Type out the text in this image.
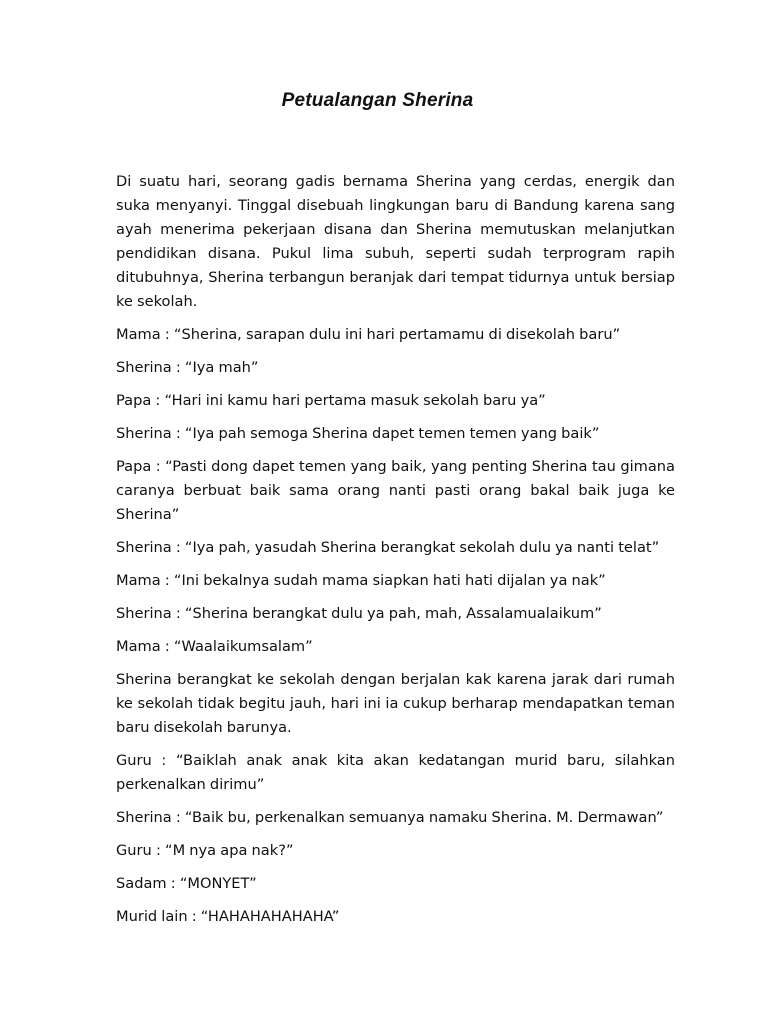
Petualangan Sherina

Di suatu hari, seorang gadis bernama Sherina yang cerdas, energik dan suka menyanyi. Tinggal disebuah lingkungan baru di Bandung karena sang ayah menerima pekerjaan disana dan Sherina memutuskan melanjutkan pendidikan disana. Pukul lima subuh, seperti sudah terprogram rapih ditubuhnya, Sherina terbangun beranjak dari tempat tidurnya untuk bersiap ke sekolah.

Mama : “Sherina, sarapan dulu ini hari pertamamu di disekolah baru”

Sherina : “Iya mah”

Papa : “Hari ini kamu hari pertama masuk sekolah baru ya”

Sherina : “Iya pah semoga Sherina dapet temen temen yang baik”

Papa : “Pasti dong dapet temen yang baik, yang penting Sherina tau gimana caranya berbuat baik sama orang nanti pasti orang bakal baik juga ke Sherina”

Sherina : “Iya pah, yasudah Sherina berangkat sekolah dulu ya nanti telat”

Mama : “Ini bekalnya sudah mama siapkan hati hati dijalan ya nak”

Sherina : “Sherina berangkat dulu ya pah, mah, Assalamualaikum”

Mama : “Waalaikumsalam”

Sherina berangkat ke sekolah dengan berjalan kak karena jarak dari rumah ke sekolah tidak begitu jauh, hari ini ia cukup berharap mendapatkan teman baru disekolah barunya.

Guru : “Baiklah anak anak kita akan kedatangan murid baru, silahkan perkenalkan dirimu”

Sherina : “Baik bu, perkenalkan semuanya namaku Sherina. M. Dermawan”

Guru : “M nya apa nak?”

Sadam : “MONYET”

Murid lain : “HAHAHAHAHAHA”
